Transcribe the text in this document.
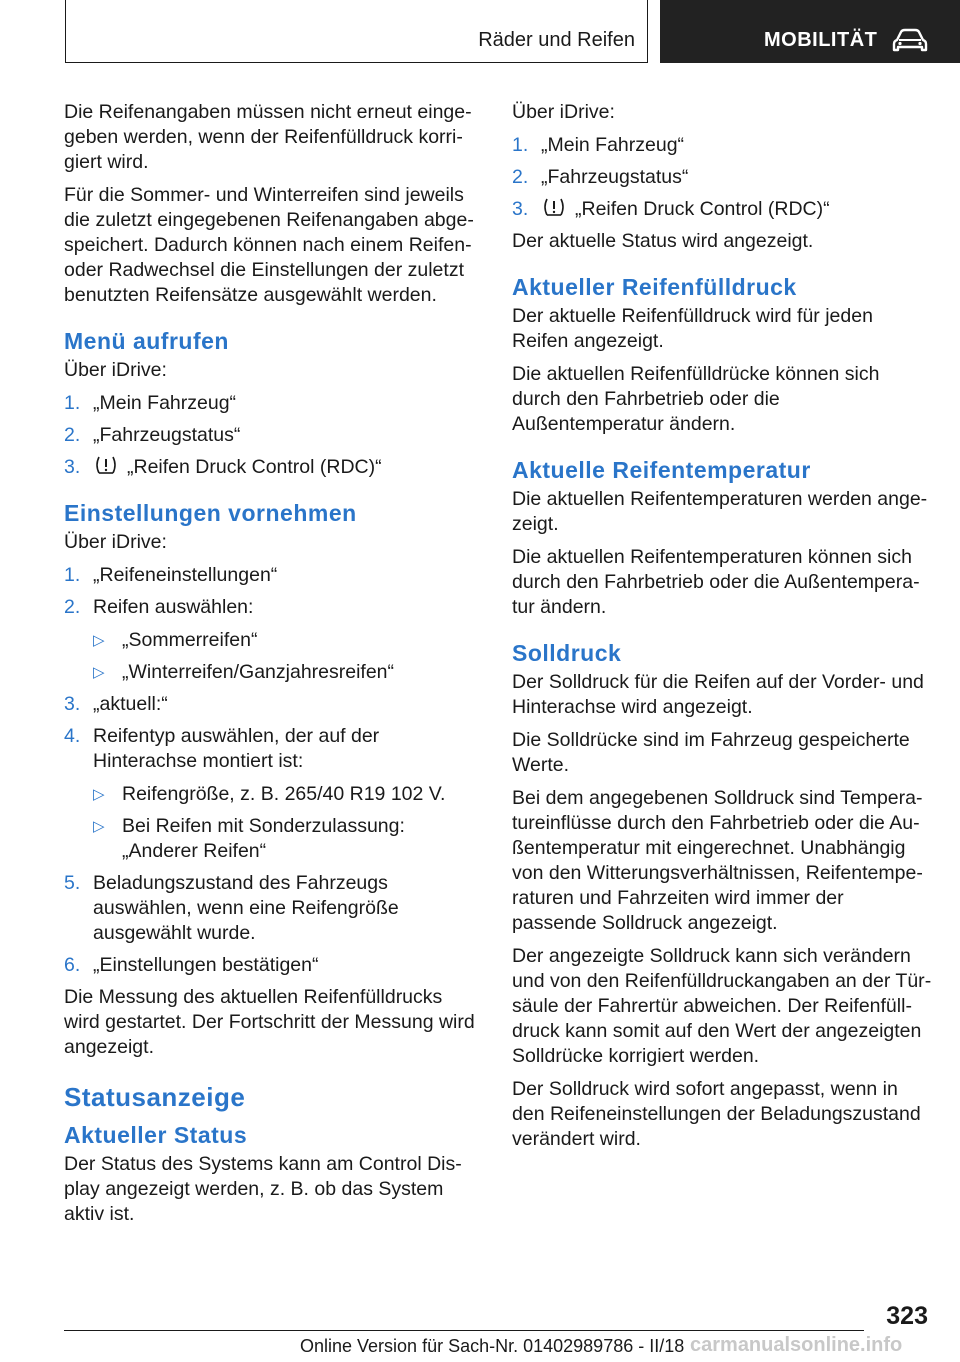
Räder und Reifen	MOBILITÄT

Die Reifenangaben müssen nicht erneut eingegeben werden, wenn der Reifenfülldruck korrigiert wird.

Für die Sommer- und Winterreifen sind jeweils die zuletzt eingegebenen Reifenangaben abgespeichert. Dadurch können nach einem Reifen- oder Radwechsel die Einstellungen der zuletzt benutzten Reifensätze ausgewählt werden.

Menü aufrufen

Über iDrive:

1. „Mein Fahrzeug“
2. „Fahrzeugstatus“
3. „Reifen Druck Control (RDC)“
Einstellungen vornehmen

Über iDrive:

1. „Reifeneinstellungen“
2. Reifen auswählen:
▷ „Sommerreifen“
▷ „Winterreifen/Ganzjahresreifen“
3. „aktuell:“
4. Reifentyp auswählen, der auf der Hinterachse montiert ist:
▷ Reifengröße, z. B. 265/40 R19 102 V.
▷ Bei Reifen mit Sonderzulassung: „Anderer Reifen“
5. Beladungszustand des Fahrzeugs auswählen, wenn eine Reifengröße ausgewählt wurde.
6. „Einstellungen bestätigen“

Die Messung des aktuellen Reifenfülldrucks wird gestartet. Der Fortschritt der Messung wird angezeigt.

Statusanzeige
Aktueller Status

Der Status des Systems kann am Control Display angezeigt werden, z. B. ob das System aktiv ist.

Über iDrive:

1. „Mein Fahrzeug“
2. „Fahrzeugstatus“
3. „Reifen Druck Control (RDC)“

Der aktuelle Status wird angezeigt.

Aktueller Reifenfülldruck

Der aktuelle Reifenfülldruck wird für jeden Reifen angezeigt.

Die aktuellen Reifenfülldrücke können sich durch den Fahrbetrieb oder die Außentemperatur ändern.

Aktuelle Reifentemperatur

Die aktuellen Reifentemperaturen werden angezeigt.

Die aktuellen Reifentemperaturen können sich durch den Fahrbetrieb oder die Außentemperatur ändern.

Solldruck

Der Solldruck für die Reifen auf der Vorder- und Hinterachse wird angezeigt.

Die Solldrücke sind im Fahrzeug gespeicherte Werte.

Bei dem angegebenen Solldruck sind Temperatureinflüsse durch den Fahrbetrieb oder die Außentemperatur mit eingerechnet. Unabhängig von den Witterungsverhältnissen, Reifentemperaturen und Fahrzeiten wird immer der passende Solldruck angezeigt.

Der angezeigte Solldruck kann sich verändern und von den Reifenfülldruckangaben an der Türsäule der Fahrertür abweichen. Der Reifenfülldruck kann somit auf den Wert der angezeigten Solldrücke korrigiert werden.

Der Solldruck wird sofort angepasst, wenn in den Reifeneinstellungen der Beladungszustand verändert wird.

323
Online Version für Sach-Nr. 01402989786 - II/18 carmanualsonline.info
